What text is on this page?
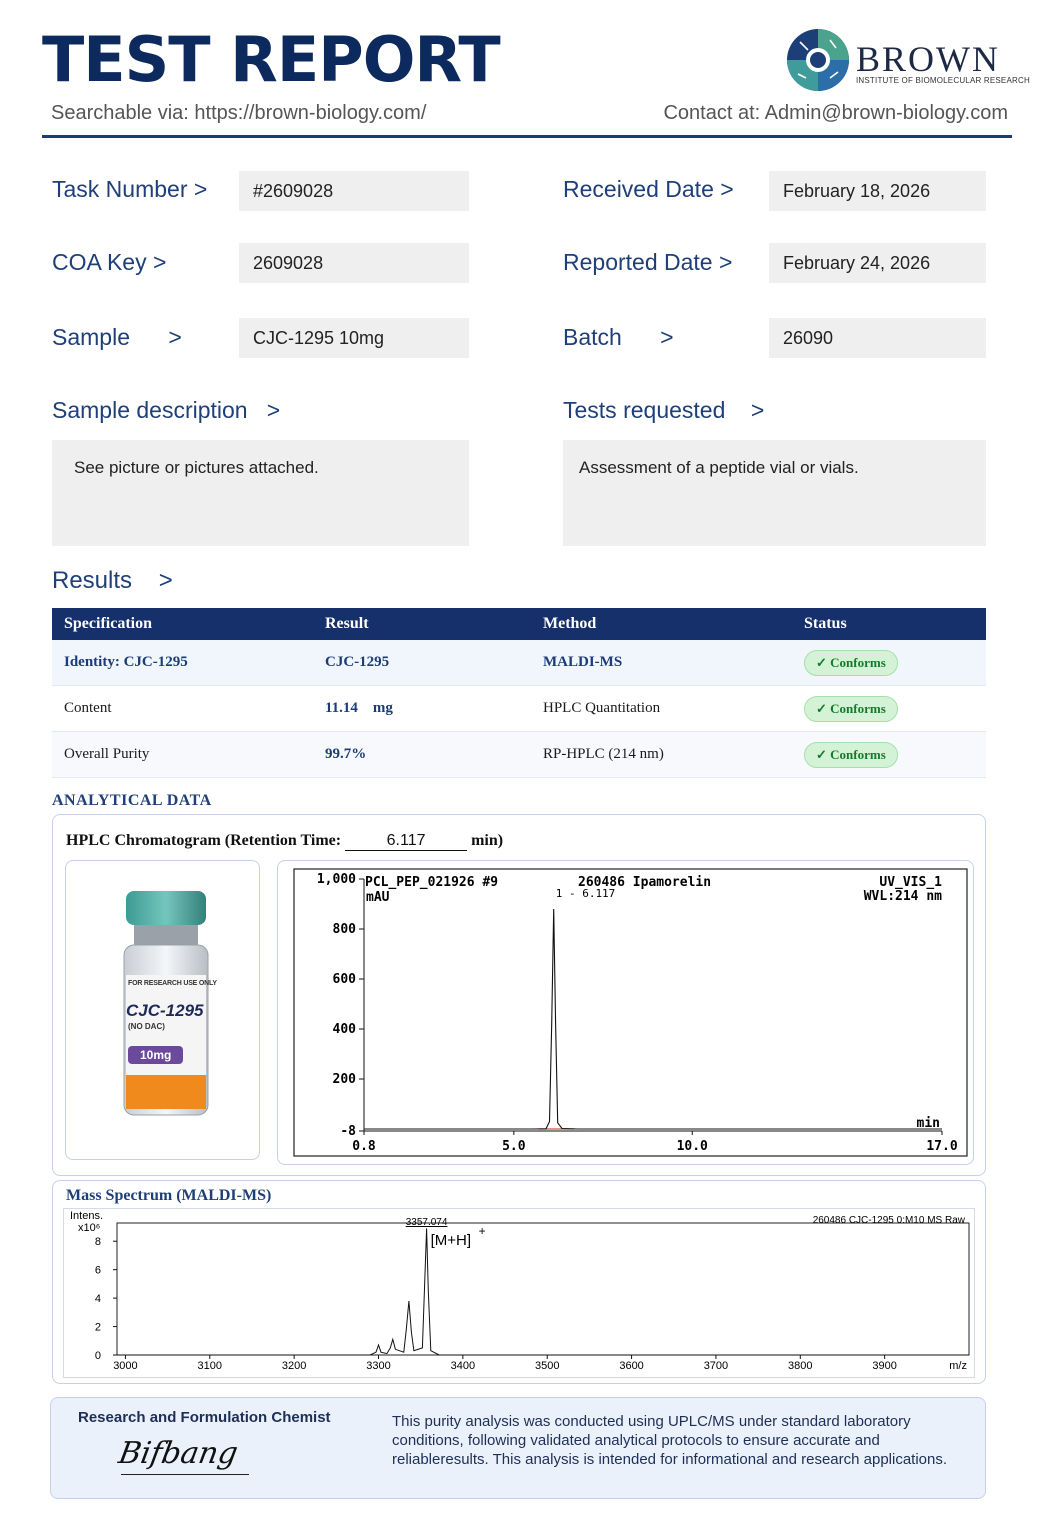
TEST REPORT
Searchable via: https://brown-biology.com/	Contact at: Admin@brown-biology.com
BROWN
INSTITUTE OF BIOMOLECULAR RESEARCH
Task Number >	#2609028
COA Key >	2609028
Sample      >	CJC-1295 10mg
Received Date >	February 18, 2026
Reported Date >	February 24, 2026
Batch      >	26090
Sample description   >
See picture or pictures attached.
Tests requested    >
Assessment of a peptide vial or vials.
Results    >
Specification	Result	Method	Status
Identity: CJC-1295	CJC-1295	MALDI-MS	✓ Conforms
Content	11.14    mg	HPLC Quantitation	✓ Conforms
Overall Purity	99.7%	RP-HPLC (214 nm)	✓ Conforms
ANALYTICAL DATA
HPLC Chromatogram (Retention Time:	6.117	min)
FOR RESEARCH USE ONLY
CJC-1295
(NO DAC)
10mg
1,000
800
600
400
200
-8
0.8	5.0	10.0	17.0
mAU
min
PCL_PEP_021926 #9	260486 Ipamorelin	UV_VIS_1
WVL:214 nm
1 - 6.117
Mass Spectrum (MALDI-MS)
Intens.
x10⁶
8
6
4
2
0
3000	3100	3200	3300	3400	3500	3600	3700	3800	3900	m/z
260486 CJC-1295 0:M10 MS Raw
3357.074
[M+H]
+
Research and Formulation Chemist
Bifbang
This purity analysis was conducted using UPLC/MS under standard laboratory conditions, following validated analytical protocols to ensure accurate and reliableresults. This analysis is intended for informational and research applications.
